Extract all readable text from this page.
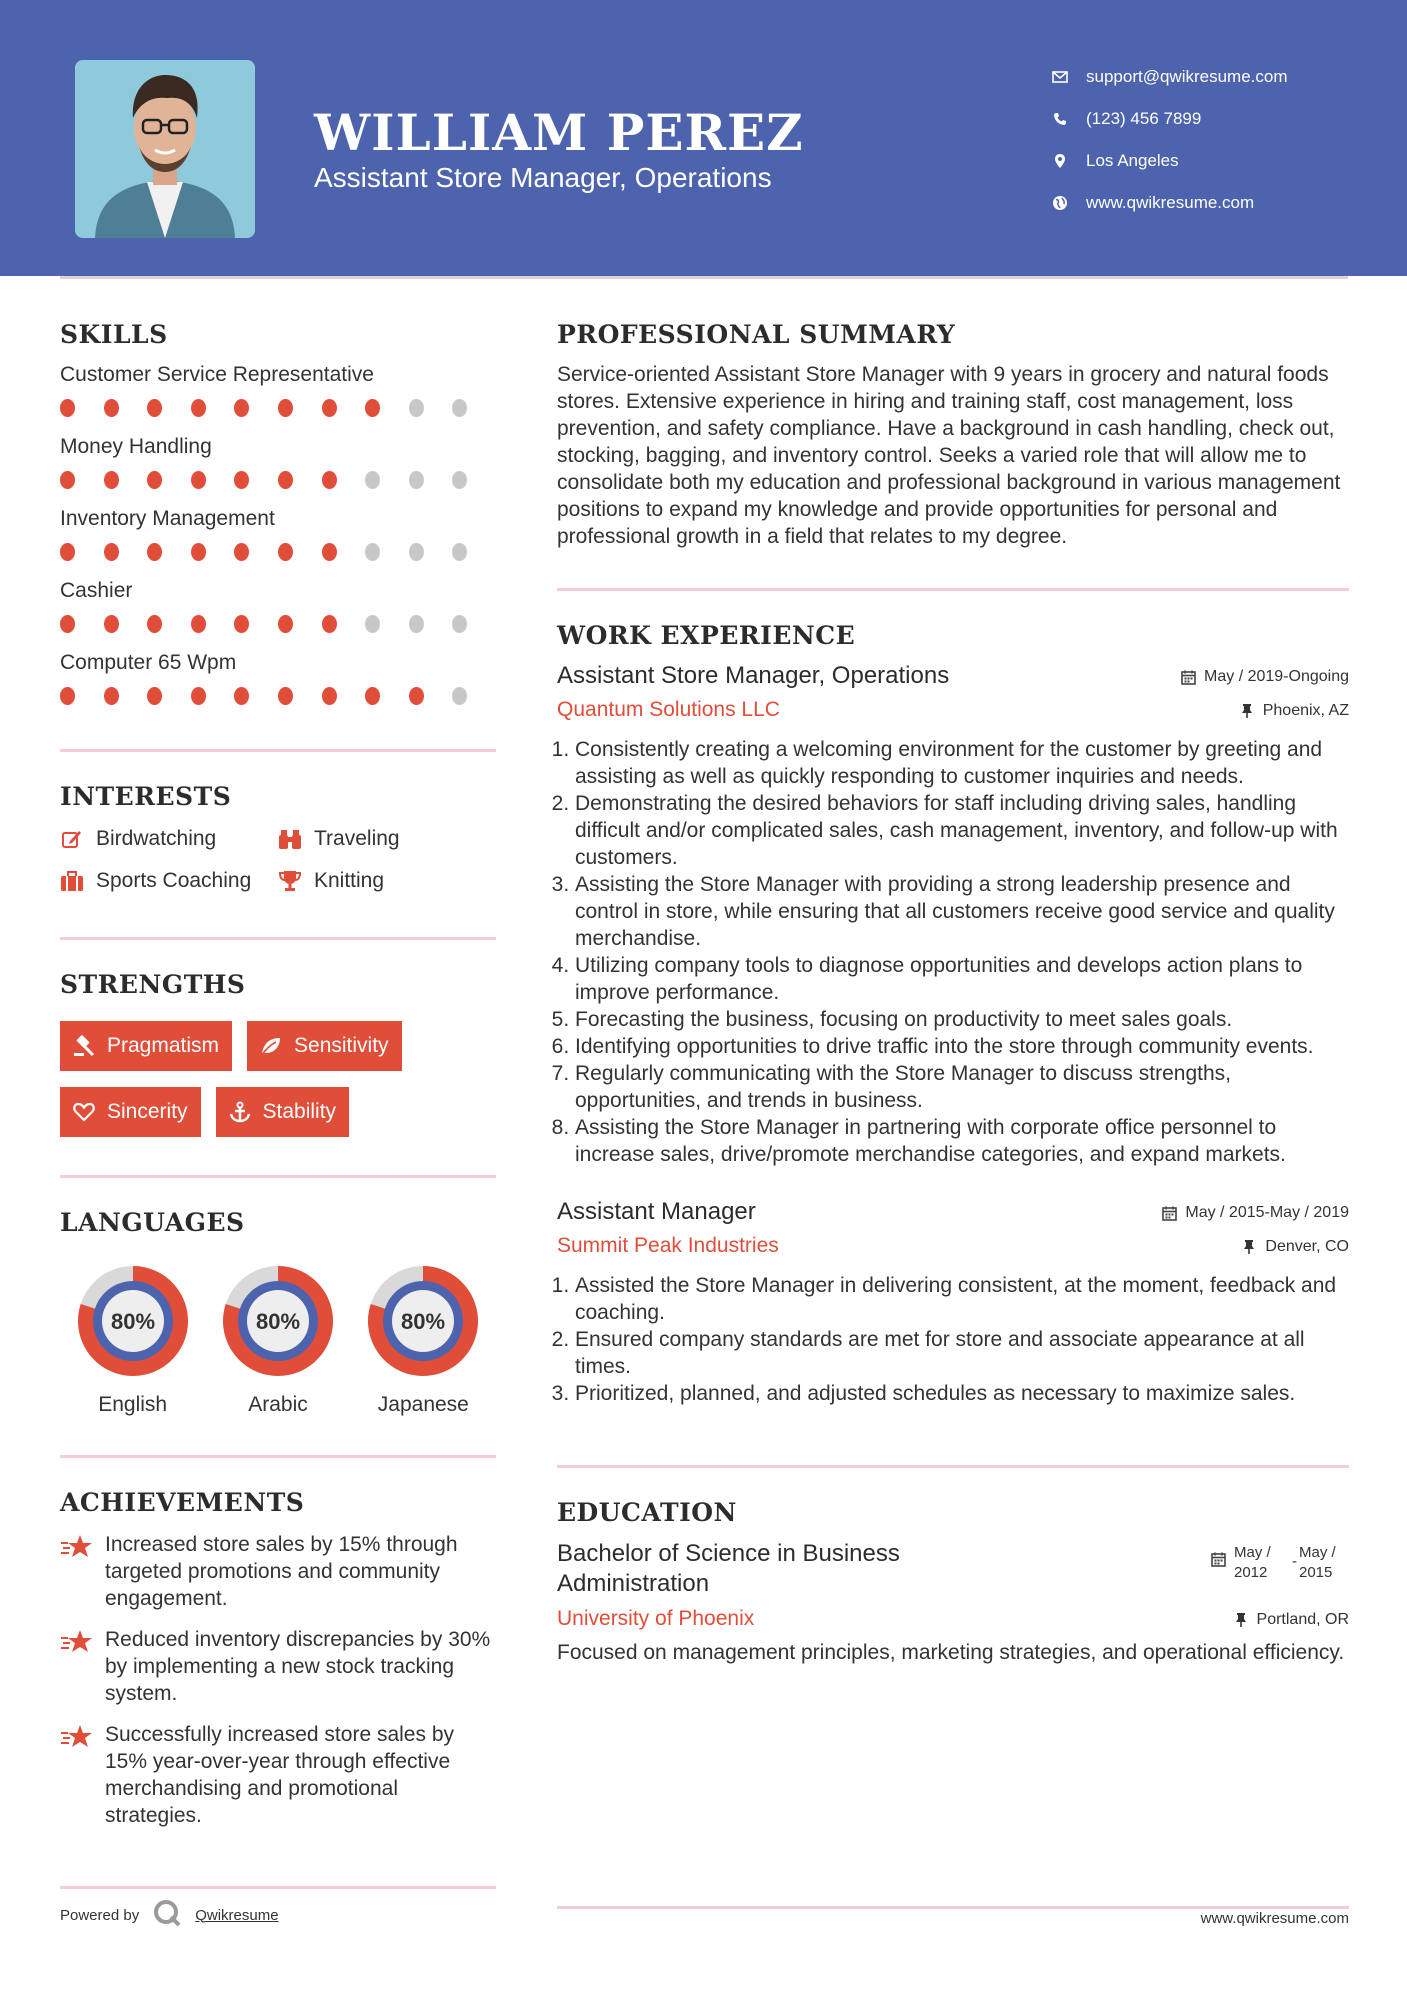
WILLIAM PEREZ
Assistant Store Manager, Operations
support@qwikresume.com
(123) 456 7899
Los Angeles
www.qwikresume.com
SKILLS
Customer Service Representative
Money Handling
Inventory Management
Cashier
Computer 65 Wpm
INTERESTS
Birdwatching	Traveling
Sports Coaching	Knitting
STRENGTHS
Pragmatism	Sensitivity
Sincerity	Stability
LANGUAGES
80%
English
80%
Arabic
80%
Japanese
ACHIEVEMENTS
Increased store sales by 15% through targeted promotions and community engagement.
Reduced inventory discrepancies by 30% by implementing a new stock tracking system.
Successfully increased store sales by 15% year-over-year through effective merchandising and promotional strategies.
Powered by	Qwikresume
PROFESSIONAL SUMMARY
Service-oriented Assistant Store Manager with 9 years in grocery and natural foods stores. Extensive experience in hiring and training staff, cost management, loss prevention, and safety compliance. Have a background in cash handling, check out, stocking, bagging, and inventory control. Seeks a varied role that will allow me to consolidate both my education and professional background in various management positions to expand my knowledge and provide opportunities for personal and professional growth in a field that relates to my degree.
WORK EXPERIENCE
Assistant Store Manager, Operations	May / 2019-Ongoing
Quantum Solutions LLC	Phoenix, AZ
1. Consistently creating a welcoming environment for the customer by greeting and assisting as well as quickly responding to customer inquiries and needs.
2. Demonstrating the desired behaviors for staff including driving sales, handling difficult and/or complicated sales, cash management, inventory, and follow-up with customers.
3. Assisting the Store Manager with providing a strong leadership presence and control in store, while ensuring that all customers receive good service and quality merchandise.
4. Utilizing company tools to diagnose opportunities and develops action plans to improve performance.
5. Forecasting the business, focusing on productivity to meet sales goals.
6. Identifying opportunities to drive traffic into the store through community events.
7. Regularly communicating with the Store Manager to discuss strengths, opportunities, and trends in business.
8. Assisting the Store Manager in partnering with corporate office personnel to increase sales, drive/promote merchandise categories, and expand markets.
Assistant Manager	May / 2015-May / 2019
Summit Peak Industries	Denver, CO
1. Assisted the Store Manager in delivering consistent, at the moment, feedback and coaching.
2. Ensured company standards are met for store and associate appearance at all times.
3. Prioritized, planned, and adjusted schedules as necessary to maximize sales.
EDUCATION
Bachelor of Science in Business Administration
May / 2012
-
May / 2015
University of Phoenix	Portland, OR
Focused on management principles, marketing strategies, and operational efficiency.
www.qwikresume.com
